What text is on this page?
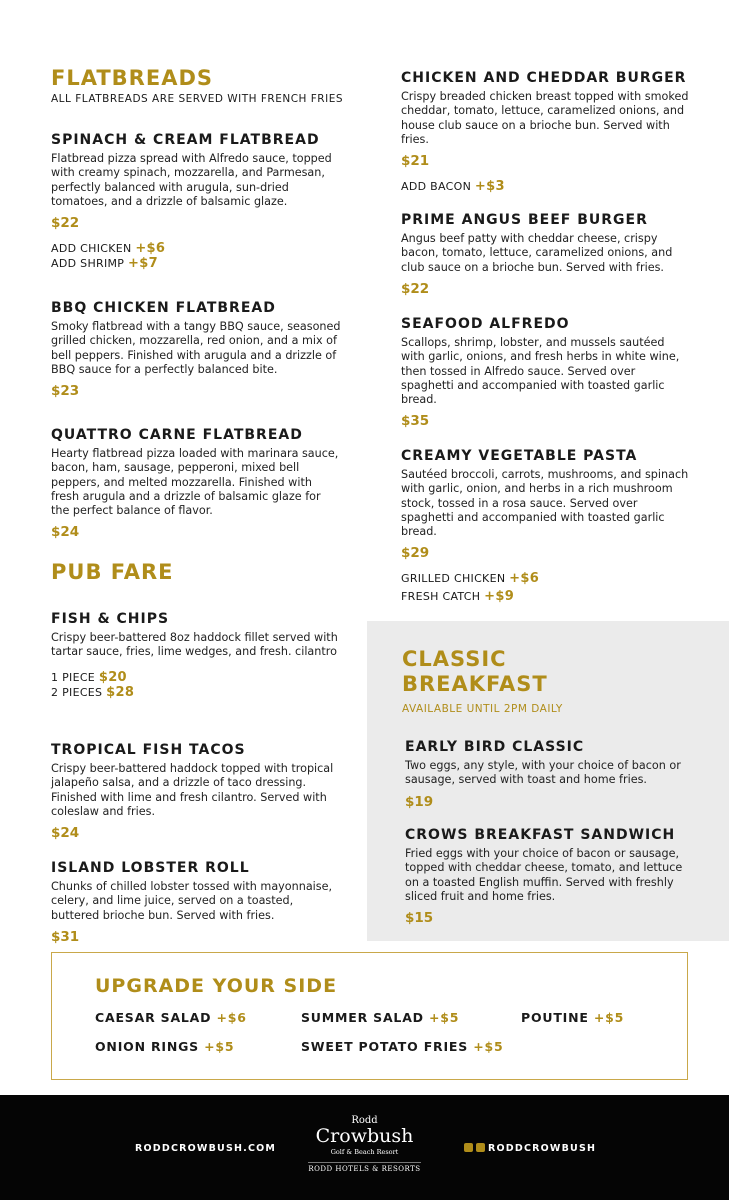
FLATBREADS
ALL FLATBREADS ARE SERVED WITH FRENCH FRIES
SPINACH & CREAM FLATBREAD
Flatbread pizza spread with Alfredo sauce, topped with creamy spinach, mozzarella, and Parmesan, perfectly balanced with arugula, sun-dried tomatoes, and a drizzle of balsamic glaze.
$22
ADD CHICKEN +$6
ADD SHRIMP +$7
BBQ CHICKEN FLATBREAD
Smoky flatbread with a tangy BBQ sauce, seasoned grilled chicken, mozzarella, red onion, and a mix of bell peppers. Finished with arugula and a drizzle of BBQ sauce for a perfectly balanced bite.
$23
QUATTRO CARNE FLATBREAD
Hearty flatbread pizza loaded with marinara sauce, bacon, ham, sausage, pepperoni, mixed bell peppers, and melted mozzarella. Finished with fresh arugula and a drizzle of balsamic glaze for the perfect balance of flavor.
$24
PUB FARE
FISH & CHIPS
Crispy beer-battered 8oz haddock fillet served with tartar sauce, fries, lime wedges, and fresh. cilantro
1 PIECE $20
2 PIECES $28
TROPICAL FISH TACOS
Crispy beer-battered haddock topped with tropical jalapeño salsa, and a drizzle of taco dressing. Finished with lime and fresh cilantro. Served with coleslaw and fries.
$24
ISLAND LOBSTER ROLL
Chunks of chilled lobster tossed with mayonnaise, celery, and lime juice, served on a toasted, buttered brioche bun. Served with fries.
$31
CHICKEN AND CHEDDAR BURGER
Crispy breaded chicken breast topped with smoked cheddar, tomato, lettuce, caramelized onions, and house club sauce on a brioche bun. Served with fries.
$21
ADD BACON +$3
PRIME ANGUS BEEF BURGER
Angus beef patty with cheddar cheese, crispy bacon, tomato, lettuce, caramelized onions, and club sauce on a brioche bun. Served with fries.
$22
SEAFOOD ALFREDO
Scallops, shrimp, lobster, and mussels sautéed with garlic, onions, and fresh herbs in white wine, then tossed in Alfredo sauce. Served over spaghetti and accompanied with toasted garlic bread.
$35
CREAMY VEGETABLE PASTA
Sautéed broccoli, carrots, mushrooms, and spinach with garlic, onion, and herbs in a rich mushroom stock, tossed in a rosa sauce. Served over spaghetti and accompanied with toasted garlic bread.
$29
GRILLED CHICKEN +$6
FRESH CATCH +$9
CLASSIC
BREAKFAST
AVAILABLE UNTIL 2PM DAILY
EARLY BIRD CLASSIC
Two eggs, any style, with your choice of bacon or sausage, served with toast and home fries.
$19
CROWS BREAKFAST SANDWICH
Fried eggs with your choice of bacon or sausage, topped with cheddar cheese, tomato, and lettuce on a toasted English muffin. Served with freshly sliced fruit and home fries.
$15
UPGRADE YOUR SIDE
CAESAR SALAD +$6	SUMMER SALAD +$5	POUTINE +$5
ONION RINGS +$5	SWEET POTATO FRIES +$5
RODDCROWBUSH.COM
Rodd
Crowbush
Golf & Beach Resort
RODD HOTELS & RESORTS
RODDCROWBUSH
